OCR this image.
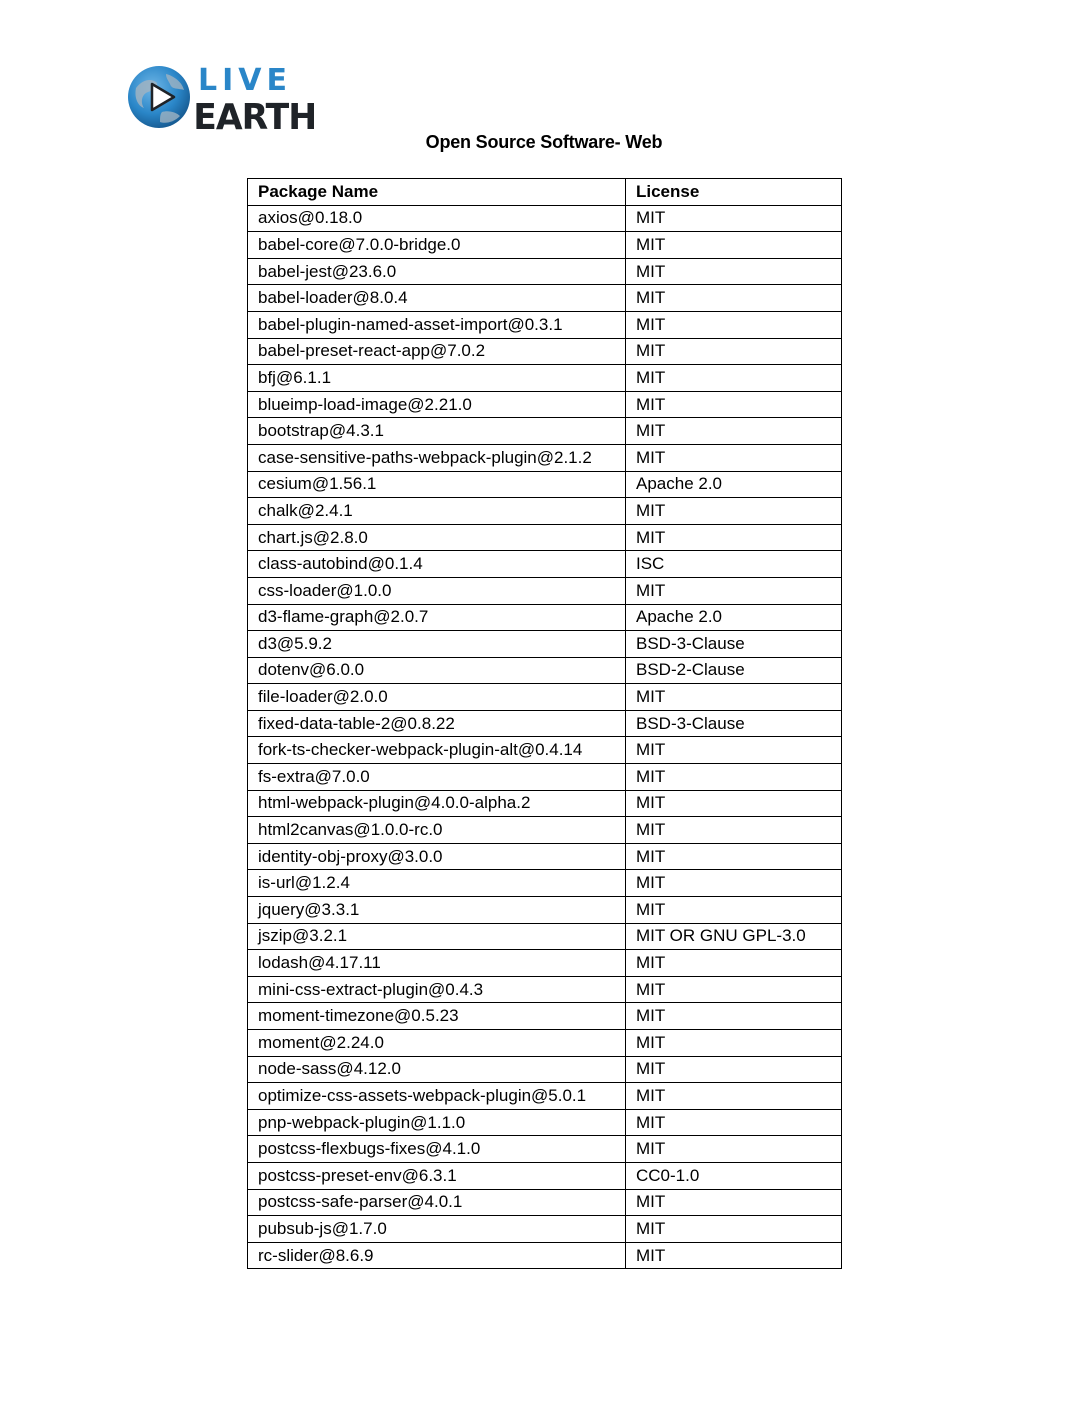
LIVE
EARTH
Open Source Software- Web
Package Name	License
axios@0.18.0	MIT
babel-core@7.0.0-bridge.0	MIT
babel-jest@23.6.0	MIT
babel-loader@8.0.4	MIT
babel-plugin-named-asset-import@0.3.1	MIT
babel-preset-react-app@7.0.2	MIT
bfj@6.1.1	MIT
blueimp-load-image@2.21.0	MIT
bootstrap@4.3.1	MIT
case-sensitive-paths-webpack-plugin@2.1.2	MIT
cesium@1.56.1	Apache 2.0
chalk@2.4.1	MIT
chart.js@2.8.0	MIT
class-autobind@0.1.4	ISC
css-loader@1.0.0	MIT
d3-flame-graph@2.0.7	Apache 2.0
d3@5.9.2	BSD-3-Clause
dotenv@6.0.0	BSD-2-Clause
file-loader@2.0.0	MIT
fixed-data-table-2@0.8.22	BSD-3-Clause
fork-ts-checker-webpack-plugin-alt@0.4.14	MIT
fs-extra@7.0.0	MIT
html-webpack-plugin@4.0.0-alpha.2	MIT
html2canvas@1.0.0-rc.0	MIT
identity-obj-proxy@3.0.0	MIT
is-url@1.2.4	MIT
jquery@3.3.1	MIT
jszip@3.2.1	MIT OR GNU GPL-3.0
lodash@4.17.11	MIT
mini-css-extract-plugin@0.4.3	MIT
moment-timezone@0.5.23	MIT
moment@2.24.0	MIT
node-sass@4.12.0	MIT
optimize-css-assets-webpack-plugin@5.0.1	MIT
pnp-webpack-plugin@1.1.0	MIT
postcss-flexbugs-fixes@4.1.0	MIT
postcss-preset-env@6.3.1	CC0-1.0
postcss-safe-parser@4.0.1	MIT
pubsub-js@1.7.0	MIT
rc-slider@8.6.9	MIT
